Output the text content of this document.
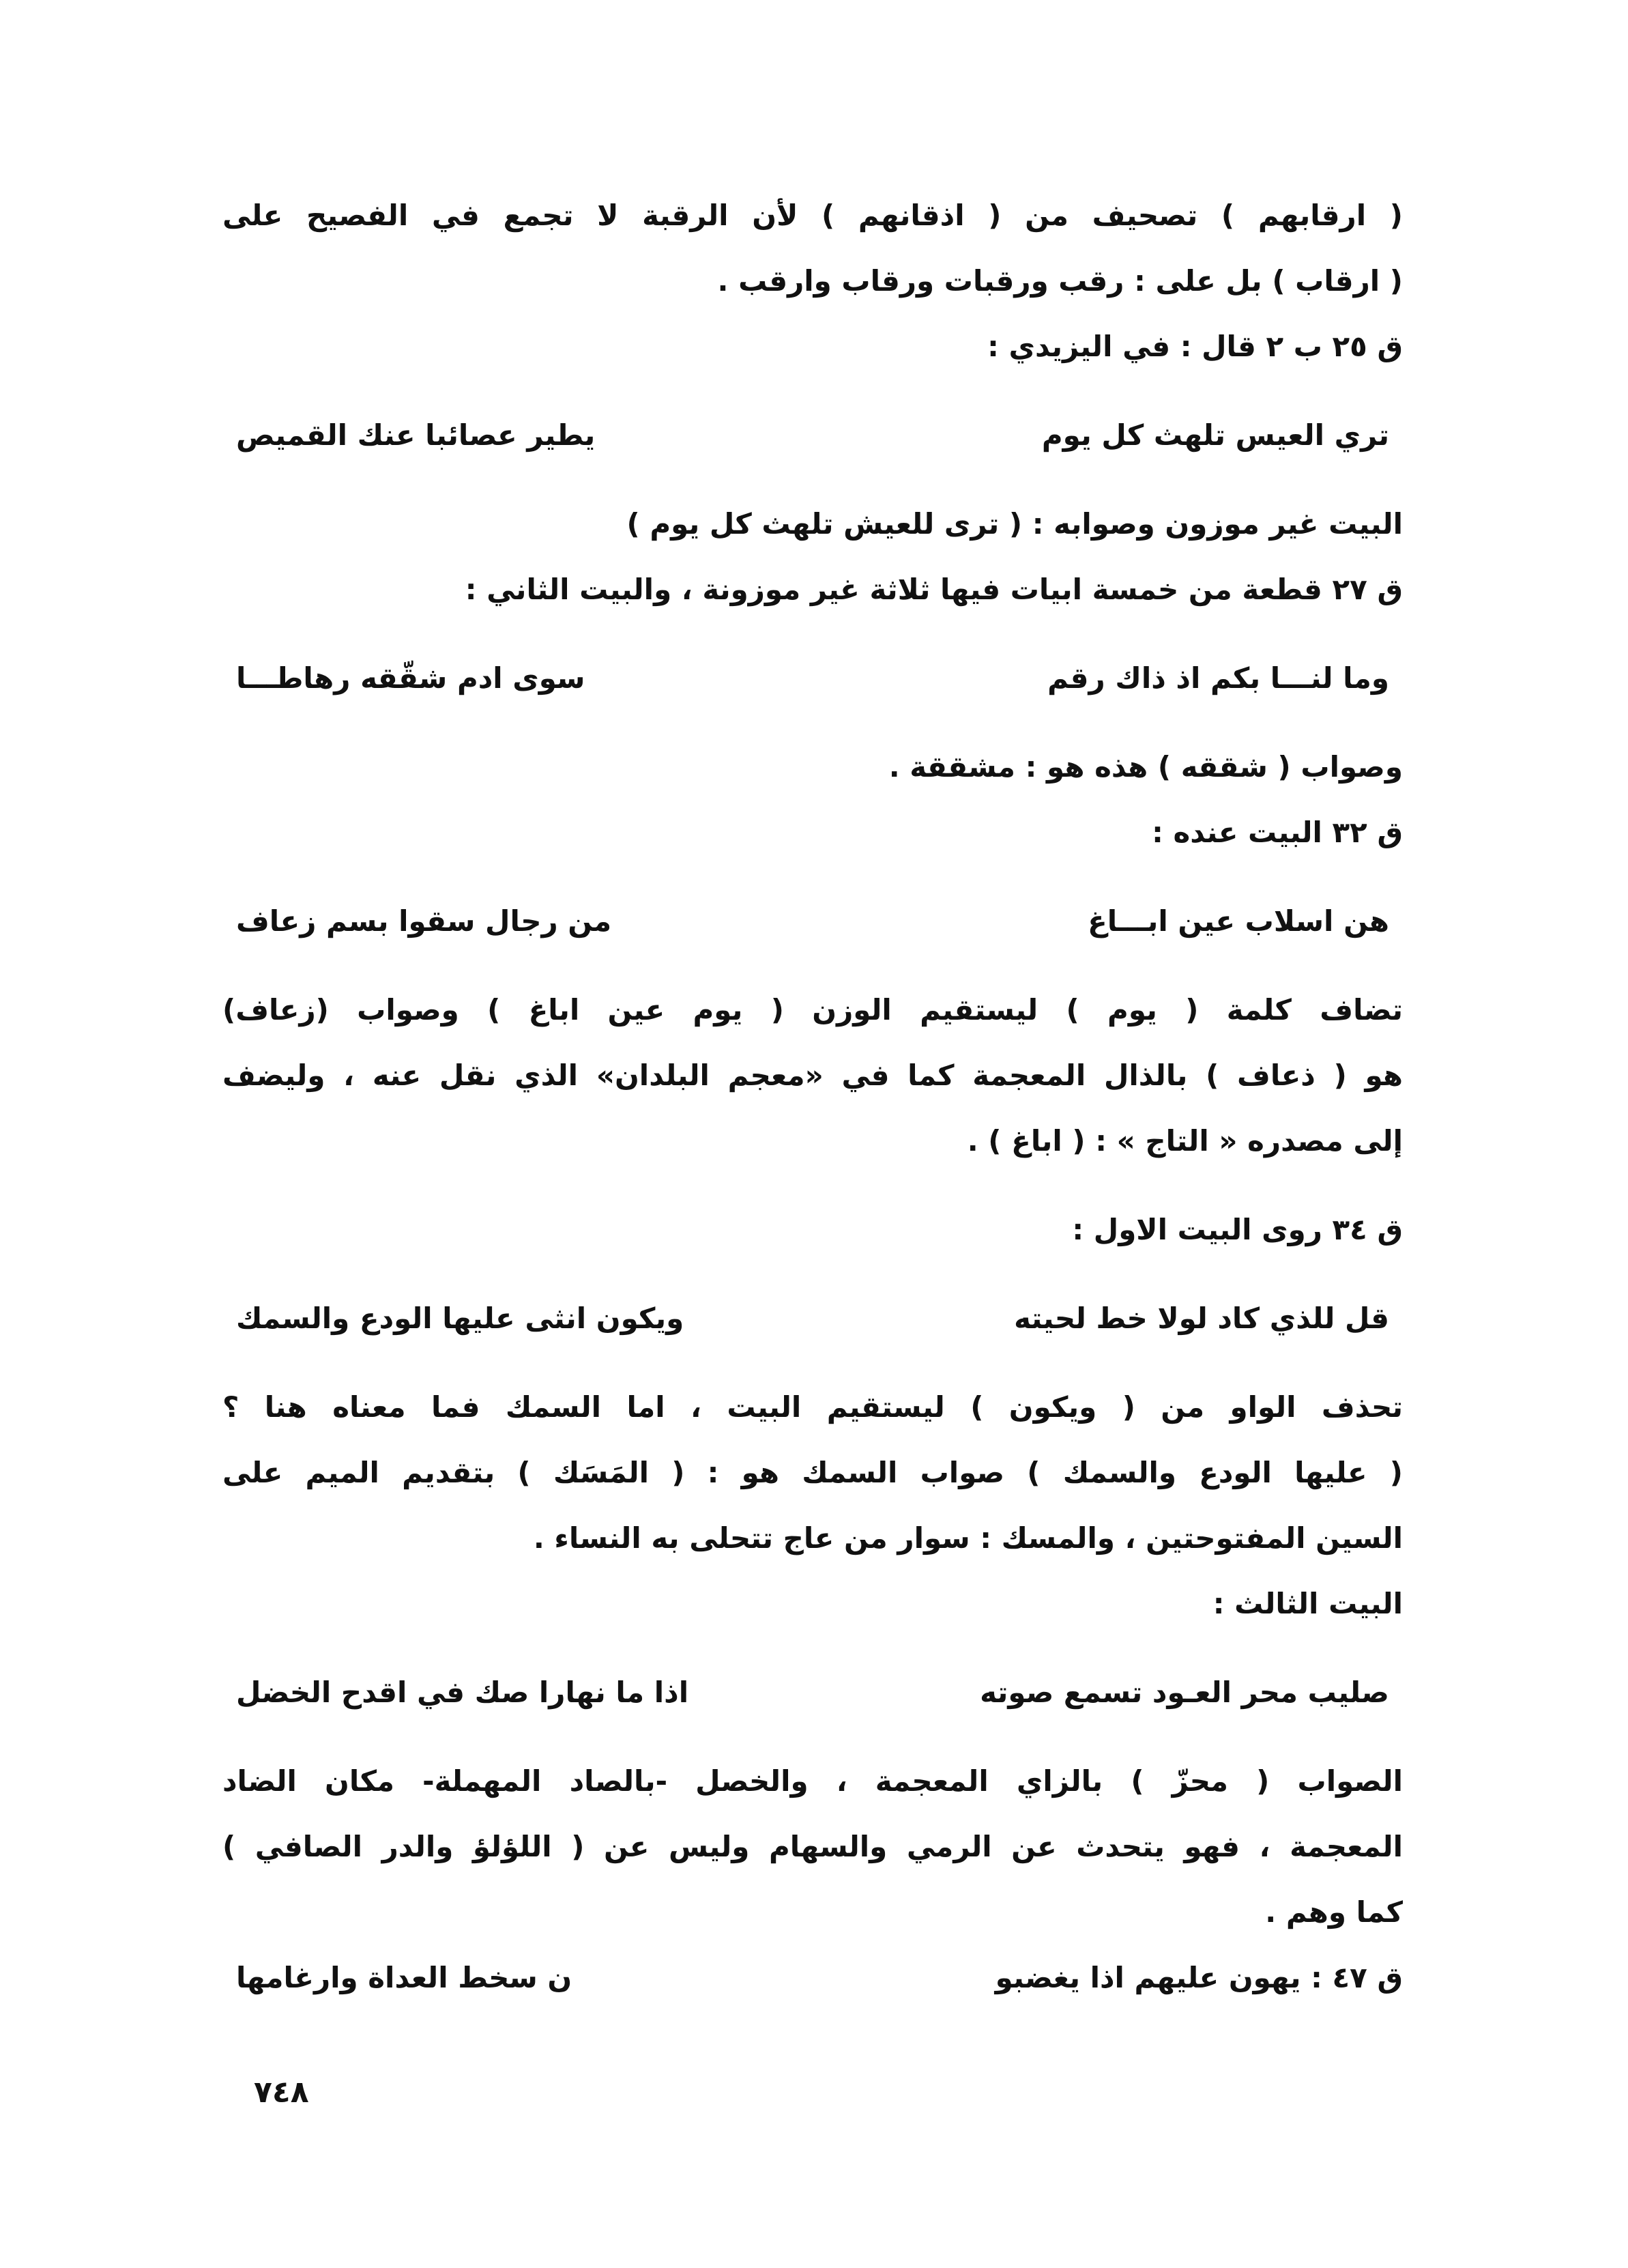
( ارقابهم ) تصحيف من ( اذقانهم ) لأن الرقبة لا تجمع في الفصيح على
( ارقاب ) بل على : رقب ورقبات ورقاب وارقب .
ق ٢٥ ب ٢ قال : في اليزيدي :
تري العيس تلهث كل يوم
يطير عصائبا عنك القميص
البيت غير موزون وصوابه : ( ترى للعيش تلهث كل يوم )
ق ٢٧ قطعة من خمسة ابيات فيها ثلاثة غير موزونة ، والبيت الثاني :
وما لنـــا بكم اذ ذاك رقم
سوى ادم شقّقه رهاطـــا
وصواب ( شققه ) هذه هو : مشققة .
ق ٣٢ البيت عنده :
هن اسلاب عين ابـــاغ
من رجال سقوا بسم زعاف
تضاف كلمة ( يوم ) ليستقيم الوزن ( يوم عين اباغ ) وصواب (زعاف)
هو ( ذعاف ) بالذال المعجمة كما في «معجم البلدان» الذي نقل عنه ، وليضف
إلى مصدره « التاج » : ( اباغ ) .
ق ٣٤ روى البيت الاول :
قل للذي كاد لولا خط لحيته
ويكون انثى عليها الودع والسمك
تحذف الواو من ( ويكون ) ليستقيم البيت ، اما السمك فما معناه هنا ؟
( عليها الودع والسمك ) صواب السمك هو : ( المَسَك ) بتقديم الميم على
السين المفتوحتين ، والمسك : سوار من عاج تتحلى به النساء .
البيت الثالث :
صليب محر العـود تسمع صوته
اذا ما نهارا صك في اقدح الخضل
الصواب ( محزّ ) بالزاي المعجمة ، والخصل -بالصاد المهملة- مكان الضاد
المعجمة ، فهو يتحدث عن الرمي والسهام وليس عن ( اللؤلؤ والدر الصافي )
كما وهم .
ق ٤٧ : يهون عليهم اذا يغضبو
ن سخط العداة وارغامها
٧٤٨
